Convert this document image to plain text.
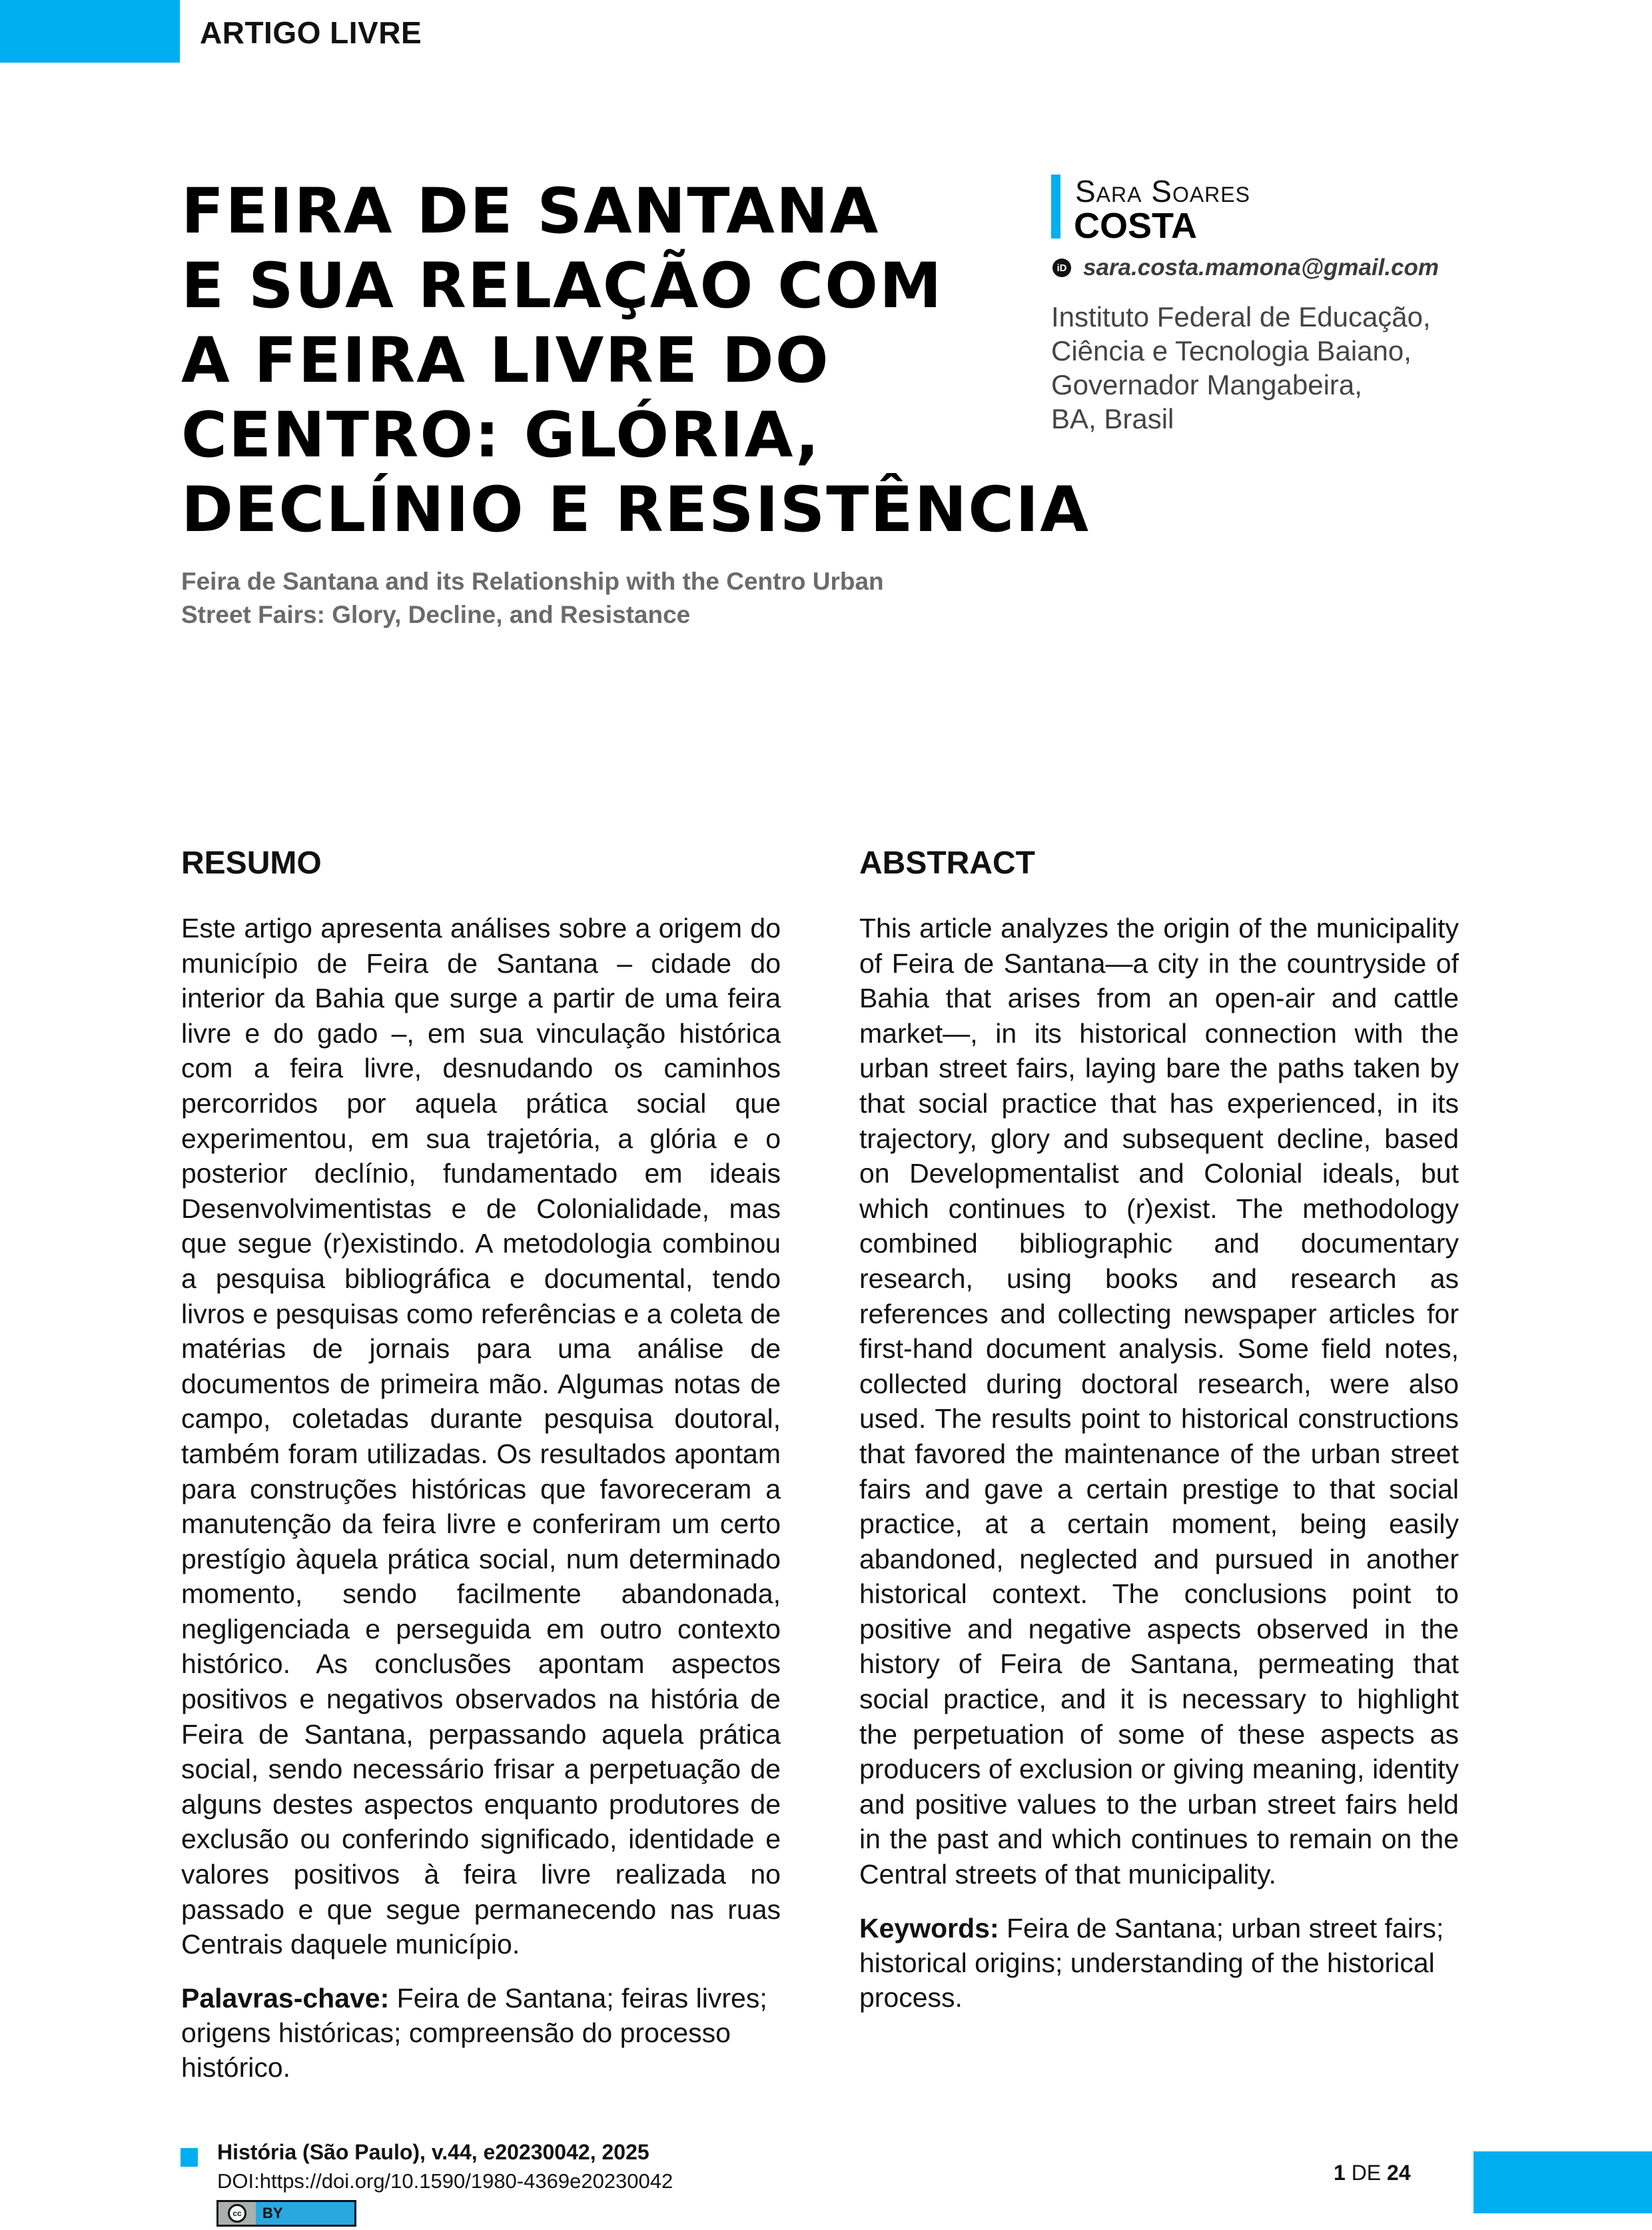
ARTIGO LIVRE
FEIRA DE SANTANA
E SUA RELAÇÃO COM
A FEIRA LIVRE DO
CENTRO: GLÓRIA,
DECLÍNIO E RESISTÊNCIA
Feira de Santana and its Relationship with the Centro Urban
Street Fairs: Glory, Decline, and Resistance
Sara Soares
COSTA
iD sara.costa.mamona@gmail.com
Instituto Federal de Educação,
Ciência e Tecnologia Baiano,
Governador Mangabeira,
BA, Brasil
RESUMO

Este artigo apresenta análises sobre a origem do município de Feira de Santana – cidade do interior da Bahia que surge a partir de uma feira livre e do gado –, em sua vinculação histórica com a feira livre, desnudando os caminhos percorridos por aquela prática social que experimentou, em sua trajetória, a glória e o posterior declínio, fundamentado em ideais Desenvolvimentistas e de Colonialidade, mas que segue (r)existindo. A metodologia combinou a pesquisa bibliográfica e documental, tendo livros e pesquisas como referências e a coleta de matérias de jornais para uma análise de documentos de primeira mão. Algumas notas de campo, coletadas durante pesquisa doutoral, também foram utilizadas. Os resultados apontam para construções históricas que favoreceram a manutenção da feira livre e conferiram um certo prestígio àquela prática social, num determinado momento, sendo facilmente abandonada, negligenciada e perseguida em outro contexto histórico. As conclusões apontam aspectos positivos e negativos observados na história de Feira de Santana, perpassando aquela prática social, sendo necessário frisar a perpetuação de alguns destes aspectos enquanto produtores de exclusão ou conferindo significado, identidade e valores positivos à feira livre realizada no passado e que segue permanecendo nas ruas Centrais daquele município.

Palavras-chave: Feira de Santana; feiras livres; origens históricas; compreensão do processo histórico.
ABSTRACT

This article analyzes the origin of the municipality of Feira de Santana—a city in the countryside of Bahia that arises from an open-air and cattle market—, in its historical connection with the urban street fairs, laying bare the paths taken by that social practice that has experienced, in its trajectory, glory and subsequent decline, based on Developmentalist and Colonial ideals, but which continues to (r)exist. The methodology combined bibliographic and documentary research, using books and research as references and collecting newspaper articles for first-hand document analysis. Some field notes, collected during doctoral research, were also used. The results point to historical constructions that favored the maintenance of the urban street fairs and gave a certain prestige to that social practice, at a certain moment, being easily abandoned, neglected and pursued in another historical context. The conclusions point to positive and negative aspects observed in the history of Feira de Santana, permeating that social practice, and it is necessary to highlight the perpetuation of some of these aspects as producers of exclusion or giving meaning, identity and positive values to the urban street fairs held in the past and which continues to remain on the Central streets of that municipality.

Keywords: Feira de Santana; urban street fairs; historical origins; understanding of the historical process.
História (São Paulo), v.44, e20230042, 2025
DOI:https://doi.org/10.1590/1980-4369e20230042
cc	BY
1 DE 24
